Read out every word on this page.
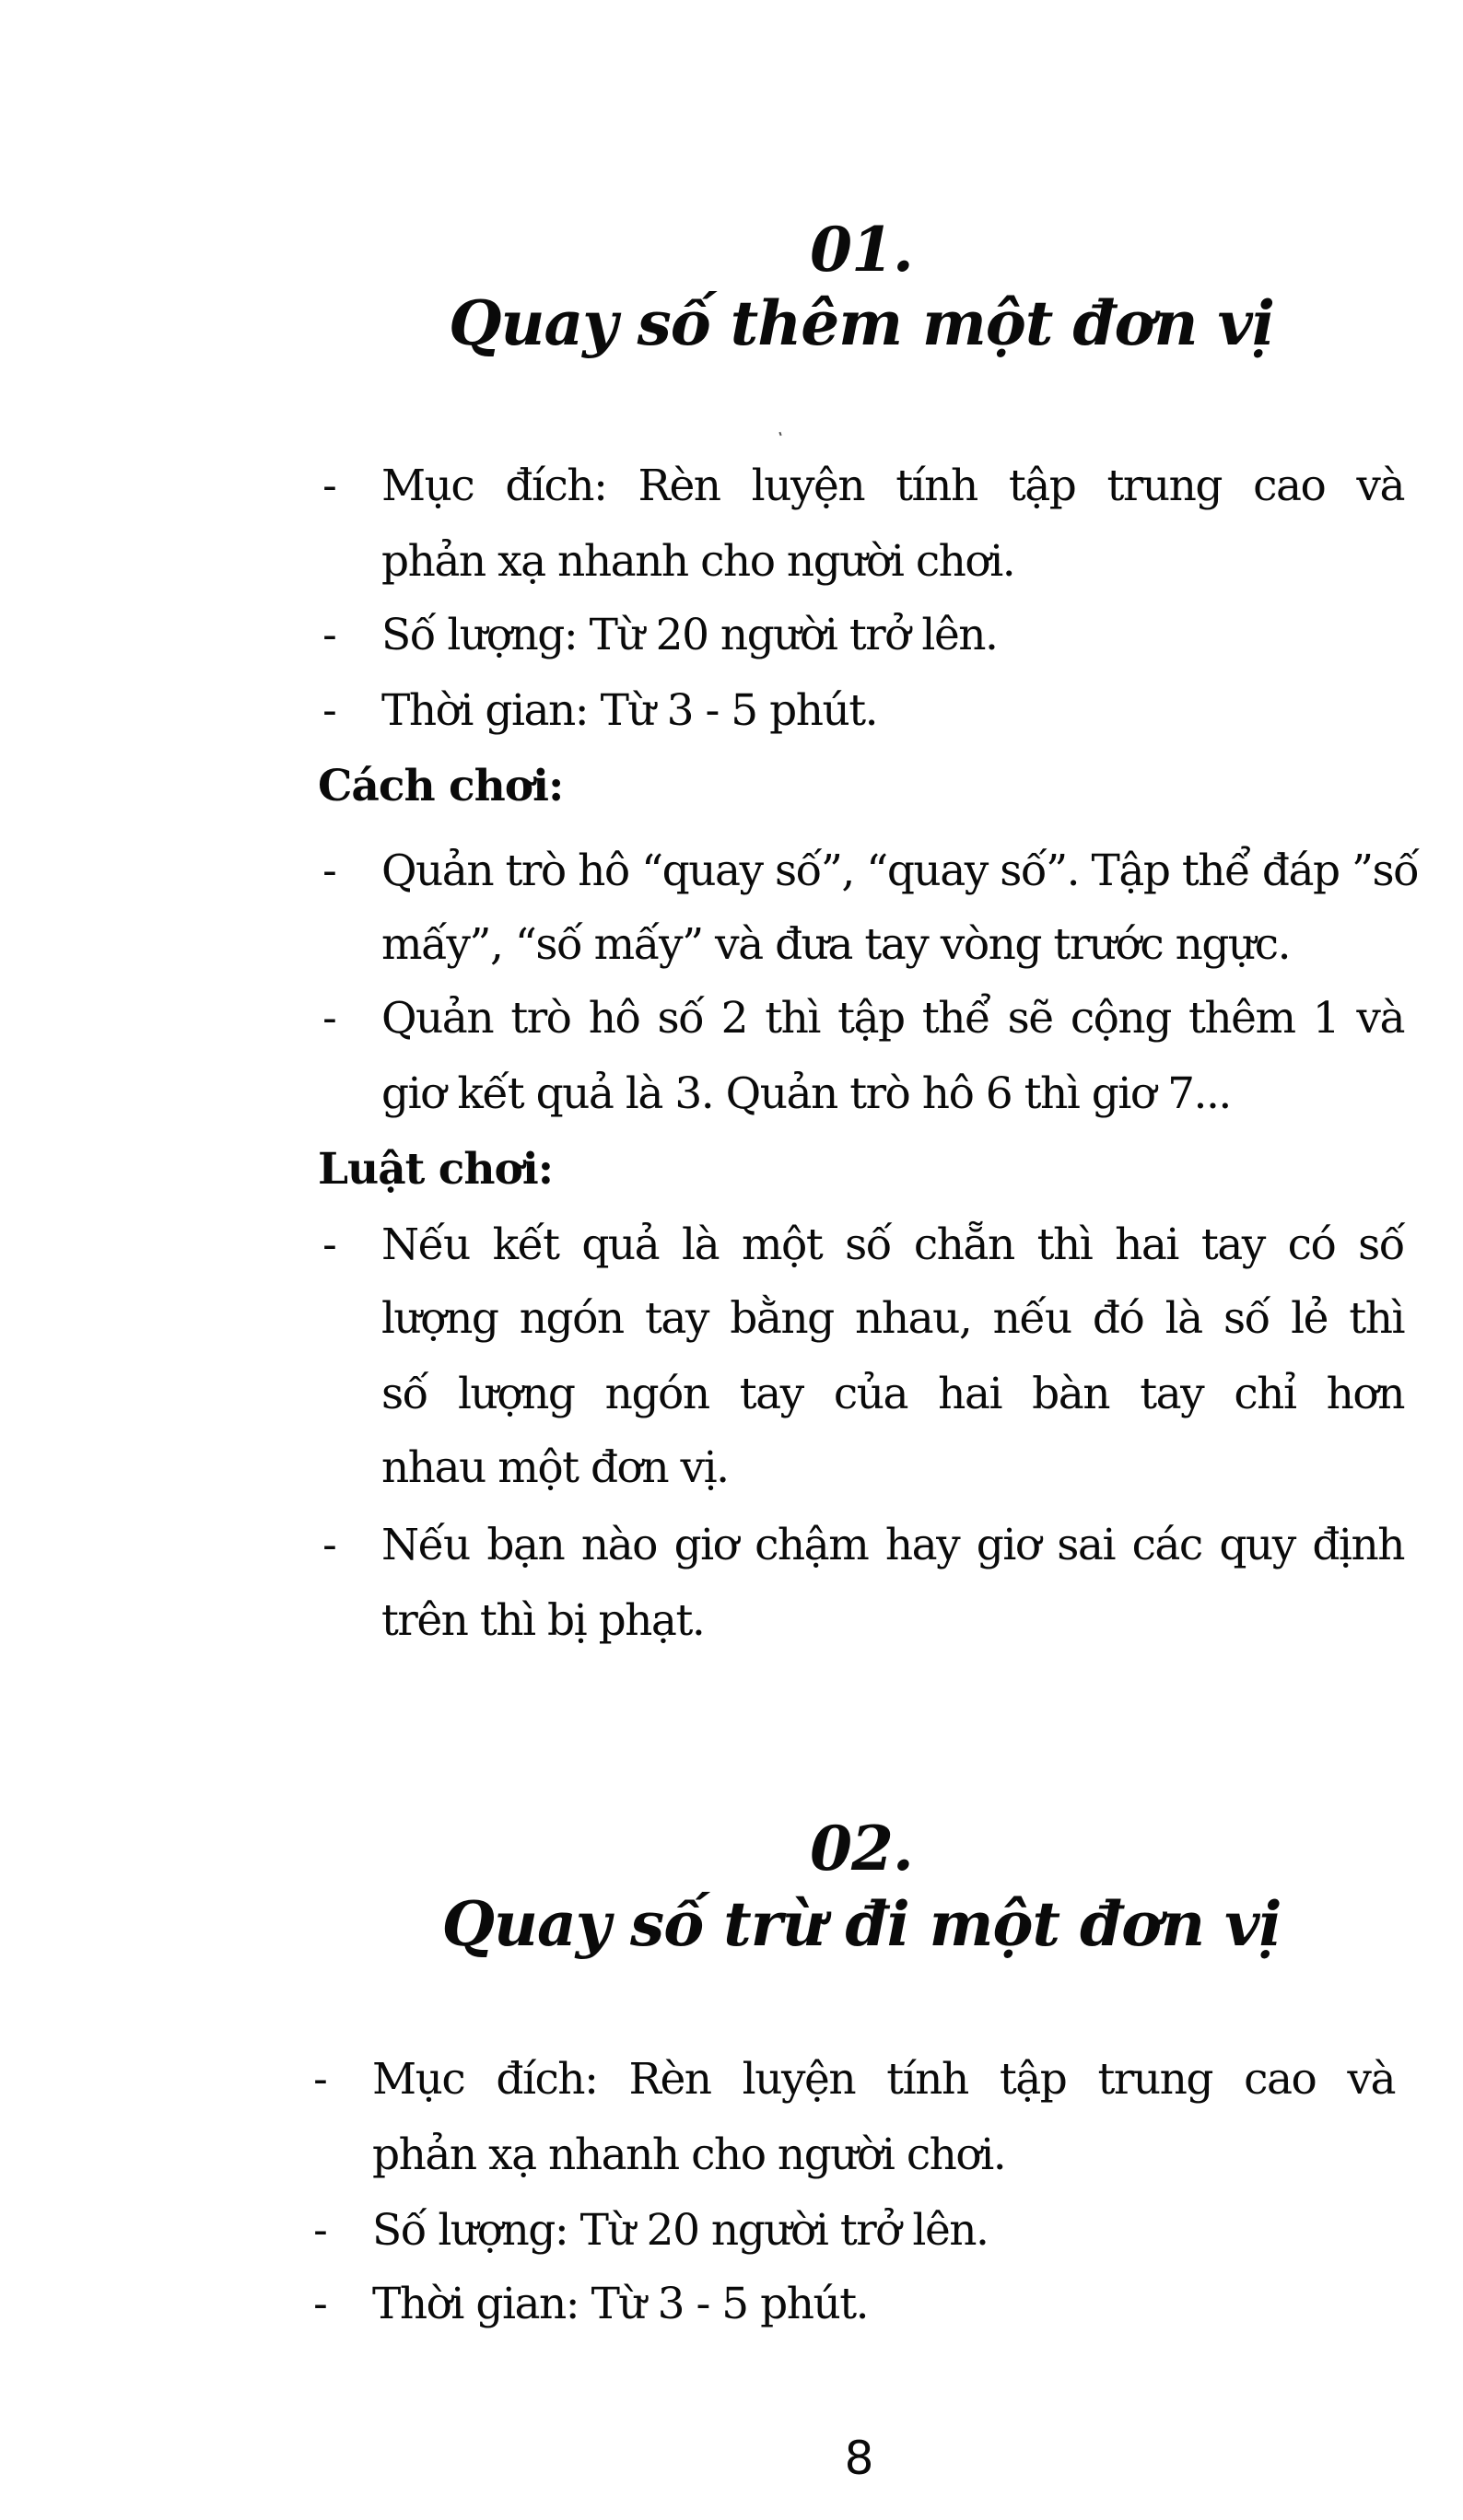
01.
Quay số thêm một đơn vị
- Mục đích: Rèn luyện tính tập trung cao và
phản xạ nhanh cho người chơi.
- Số lượng: Từ 20 người trở lên.
- Thời gian: Từ 3 - 5 phút.
Cách chơi:
- Quản trò hô “quay số”, “quay số”. Tập thể đáp ”số
mấy”, “số mấy” và đưa tay vòng trước ngực.
- Quản trò hô số 2 thì tập thể sẽ cộng thêm 1 và
giơ kết quả là 3. Quản trò hô 6 thì giơ 7...
Luật chơi:
- Nếu kết quả là một số chẵn thì hai tay có số
lượng ngón tay bằng nhau, nếu đó là số lẻ thì
số lượng ngón tay của hai bàn tay chỉ hơn
nhau một đơn vị.
- Nếu bạn nào giơ chậm hay giơ sai các quy định
trên thì bị phạt.
02.
Quay số trừ đi một đơn vị
- Mục đích: Rèn luyện tính tập trung cao và
phản xạ nhanh cho người chơi.
- Số lượng: Từ 20 người trở lên.
- Thời gian: Từ 3 - 5 phút.
8
